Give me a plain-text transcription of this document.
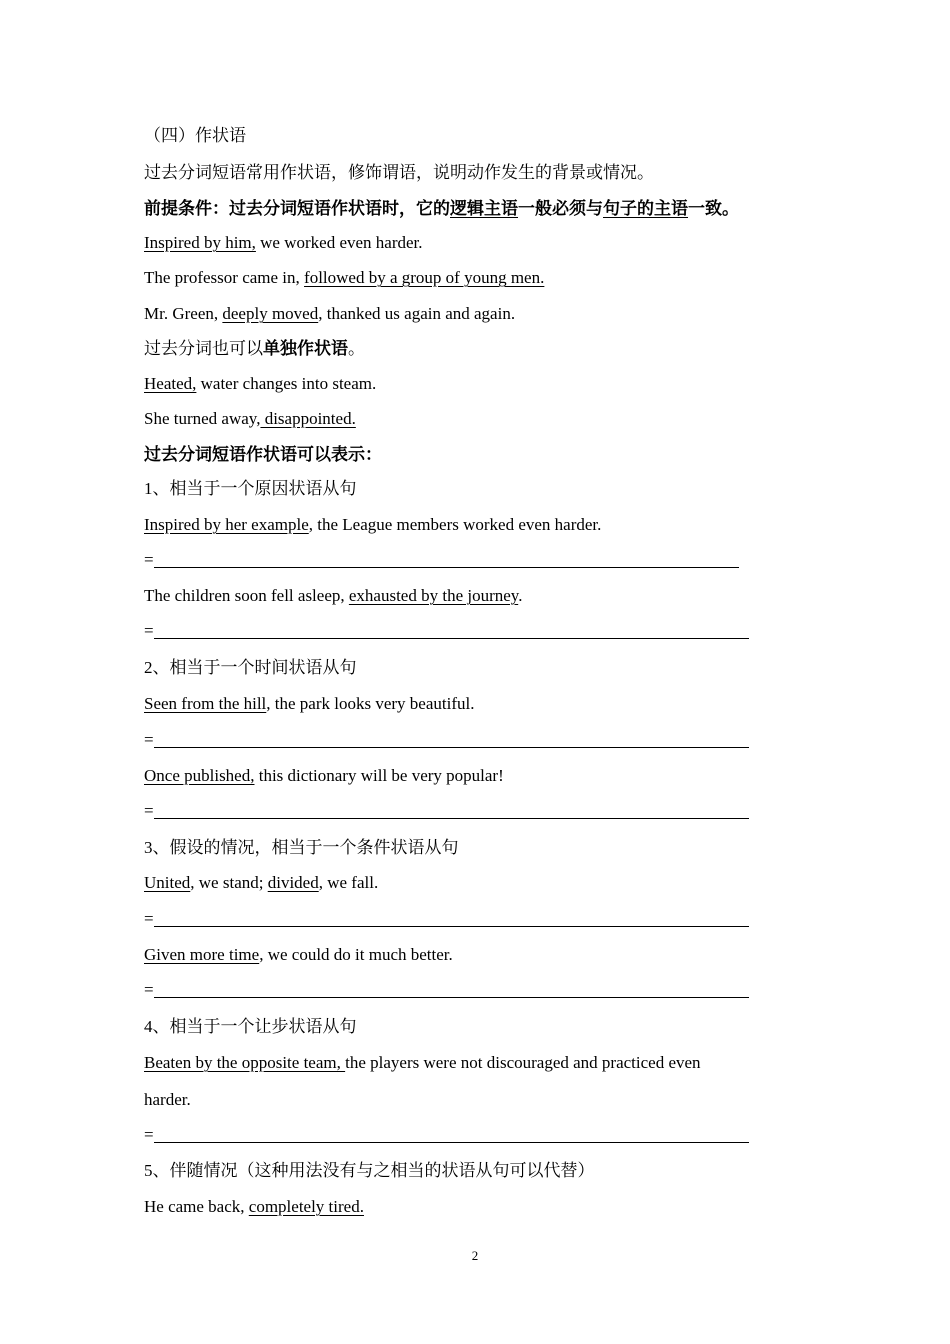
（四）作状语
过去分词短语常用作状语，修饰谓语，说明动作发生的背景或情况。
前提条件：过去分词短语作状语时，它的逻辑主语一般必须与句子的主语一致。
Inspired by him, we worked even harder.
The professor came in, followed by a group of young men.
Mr. Green, deeply moved, thanked us again and again.
过去分词也可以单独作状语。
Heated, water changes into steam.
She turned away, disappointed.
过去分词短语作状语可以表示：
1、相当于一个原因状语从句
Inspired by her example, the League members worked even harder.
=
The children soon fell asleep, exhausted by the journey.
=
2、相当于一个时间状语从句
Seen from the hill, the park looks very beautiful.
=
Once published, this dictionary will be very popular!
=
3、假设的情况，相当于一个条件状语从句
United, we stand; divided, we fall.
=
Given more time, we could do it much better.
=
4、相当于一个让步状语从句
Beaten by the opposite team, the players were not discouraged and practiced even
harder.
=
5、伴随情况（这种用法没有与之相当的状语从句可以代替）
He came back, completely tired.
2
